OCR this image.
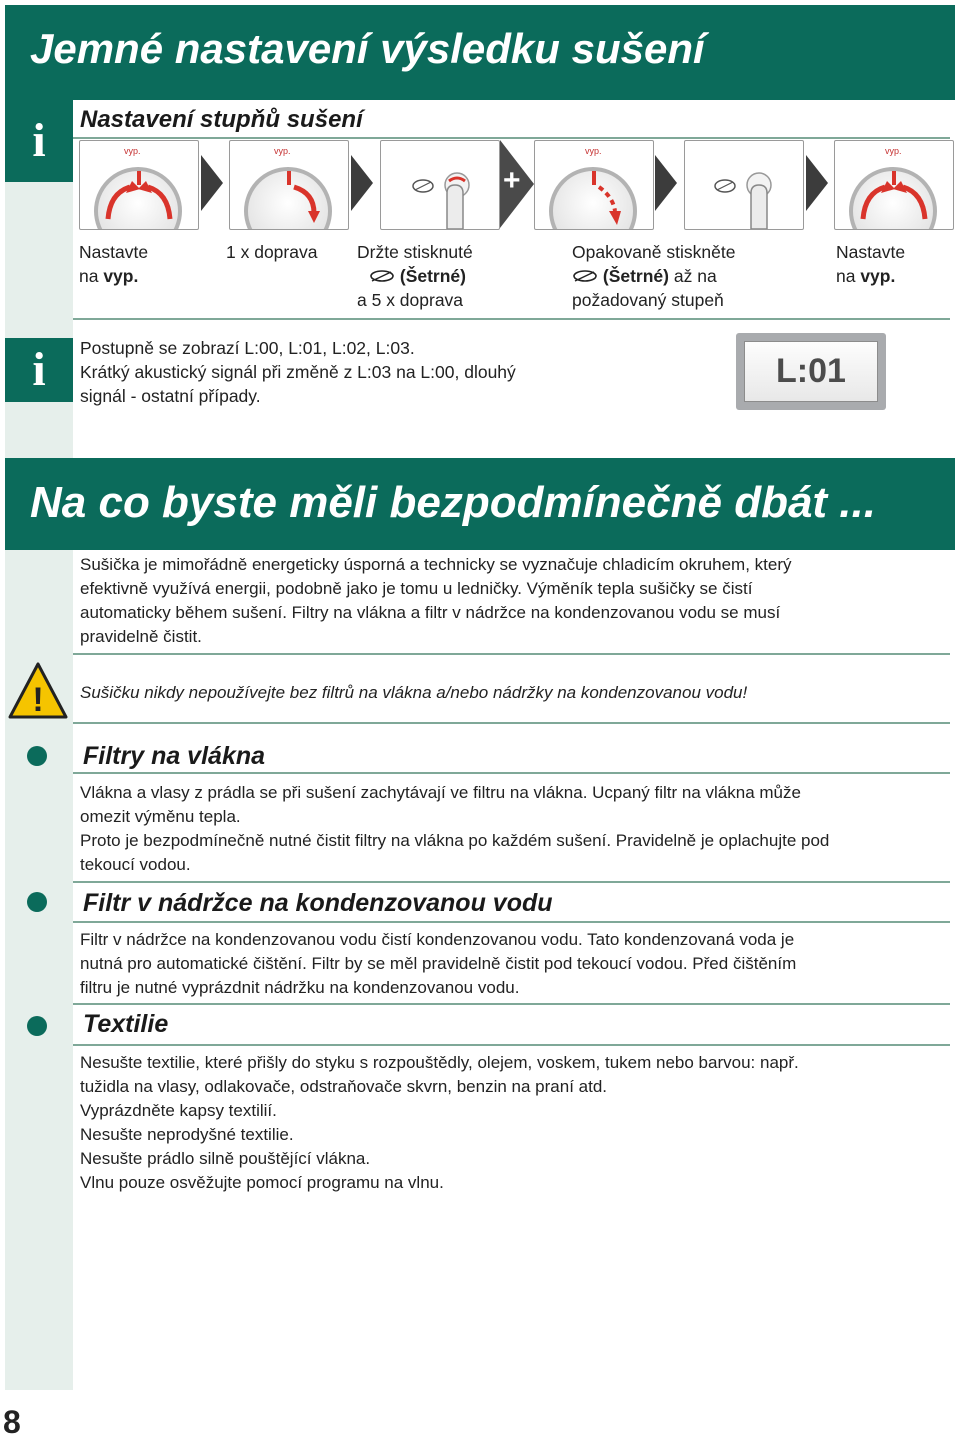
Jemné nastavení výsledku sušení
i	Nastavení stupňů sušení
vyp.	vyp.
+
vyp.	vyp.
Nastavte
na vyp.
1 x doprava Držte stisknuté
(Šetrné)
a 5 x doprava
Opakovaně stiskněte
(Šetrné) až na
požadovaný stupeň
Nastavte
na vyp.
i	Postupně se zobrazí L:00, L:01, L:02, L:03.
Krátký akustický signál při změně z L:03 na L:00, dlouhý
signál - ostatní případy.
L:01
Na co byste měli bezpodmínečně dbát ...
Sušička je mimořádně energeticky úsporná a technicky se vyznačuje chladicím okruhem, který
efektivně využívá energii, podobně jako je tomu u ledničky. Výměník tepla sušičky se čistí
automaticky během sušení. Filtry na vlákna a filtr v nádržce na kondenzovanou vodu se musí
pravidelně čistit.
! Sušičku nikdy nepoužívejte bez filtrů na vlákna a/nebo nádržky na kondenzovanou vodu!
Filtry na vlákna
Vlákna a vlasy z prádla se při sušení zachytávají ve filtru na vlákna. Ucpaný filtr na vlákna může
omezit výměnu tepla.
Proto je bezpodmínečně nutné čistit filtry na vlákna po každém sušení. Pravidelně je oplachujte pod
tekoucí vodou.
Filtr v nádržce na kondenzovanou vodu
Filtr v nádržce na kondenzovanou vodu čistí kondenzovanou vodu. Tato kondenzovaná voda je
nutná pro automatické čištění. Filtr by se měl pravidelně čistit pod tekoucí vodou. Před čištěním
filtru je nutné vyprázdnit nádržku na kondenzovanou vodu.
Textilie
Nesušte textilie, které přišly do styku s rozpouštědly, olejem, voskem, tukem nebo barvou: např.
tužidla na vlasy, odlakovače, odstraňovače skvrn, benzin na praní atd.
Vyprázdněte kapsy textilií.
Nesušte neprodyšné textilie.
Nesušte prádlo silně pouštějící vlákna.
Vlnu pouze osvěžujte pomocí programu na vlnu.
8
